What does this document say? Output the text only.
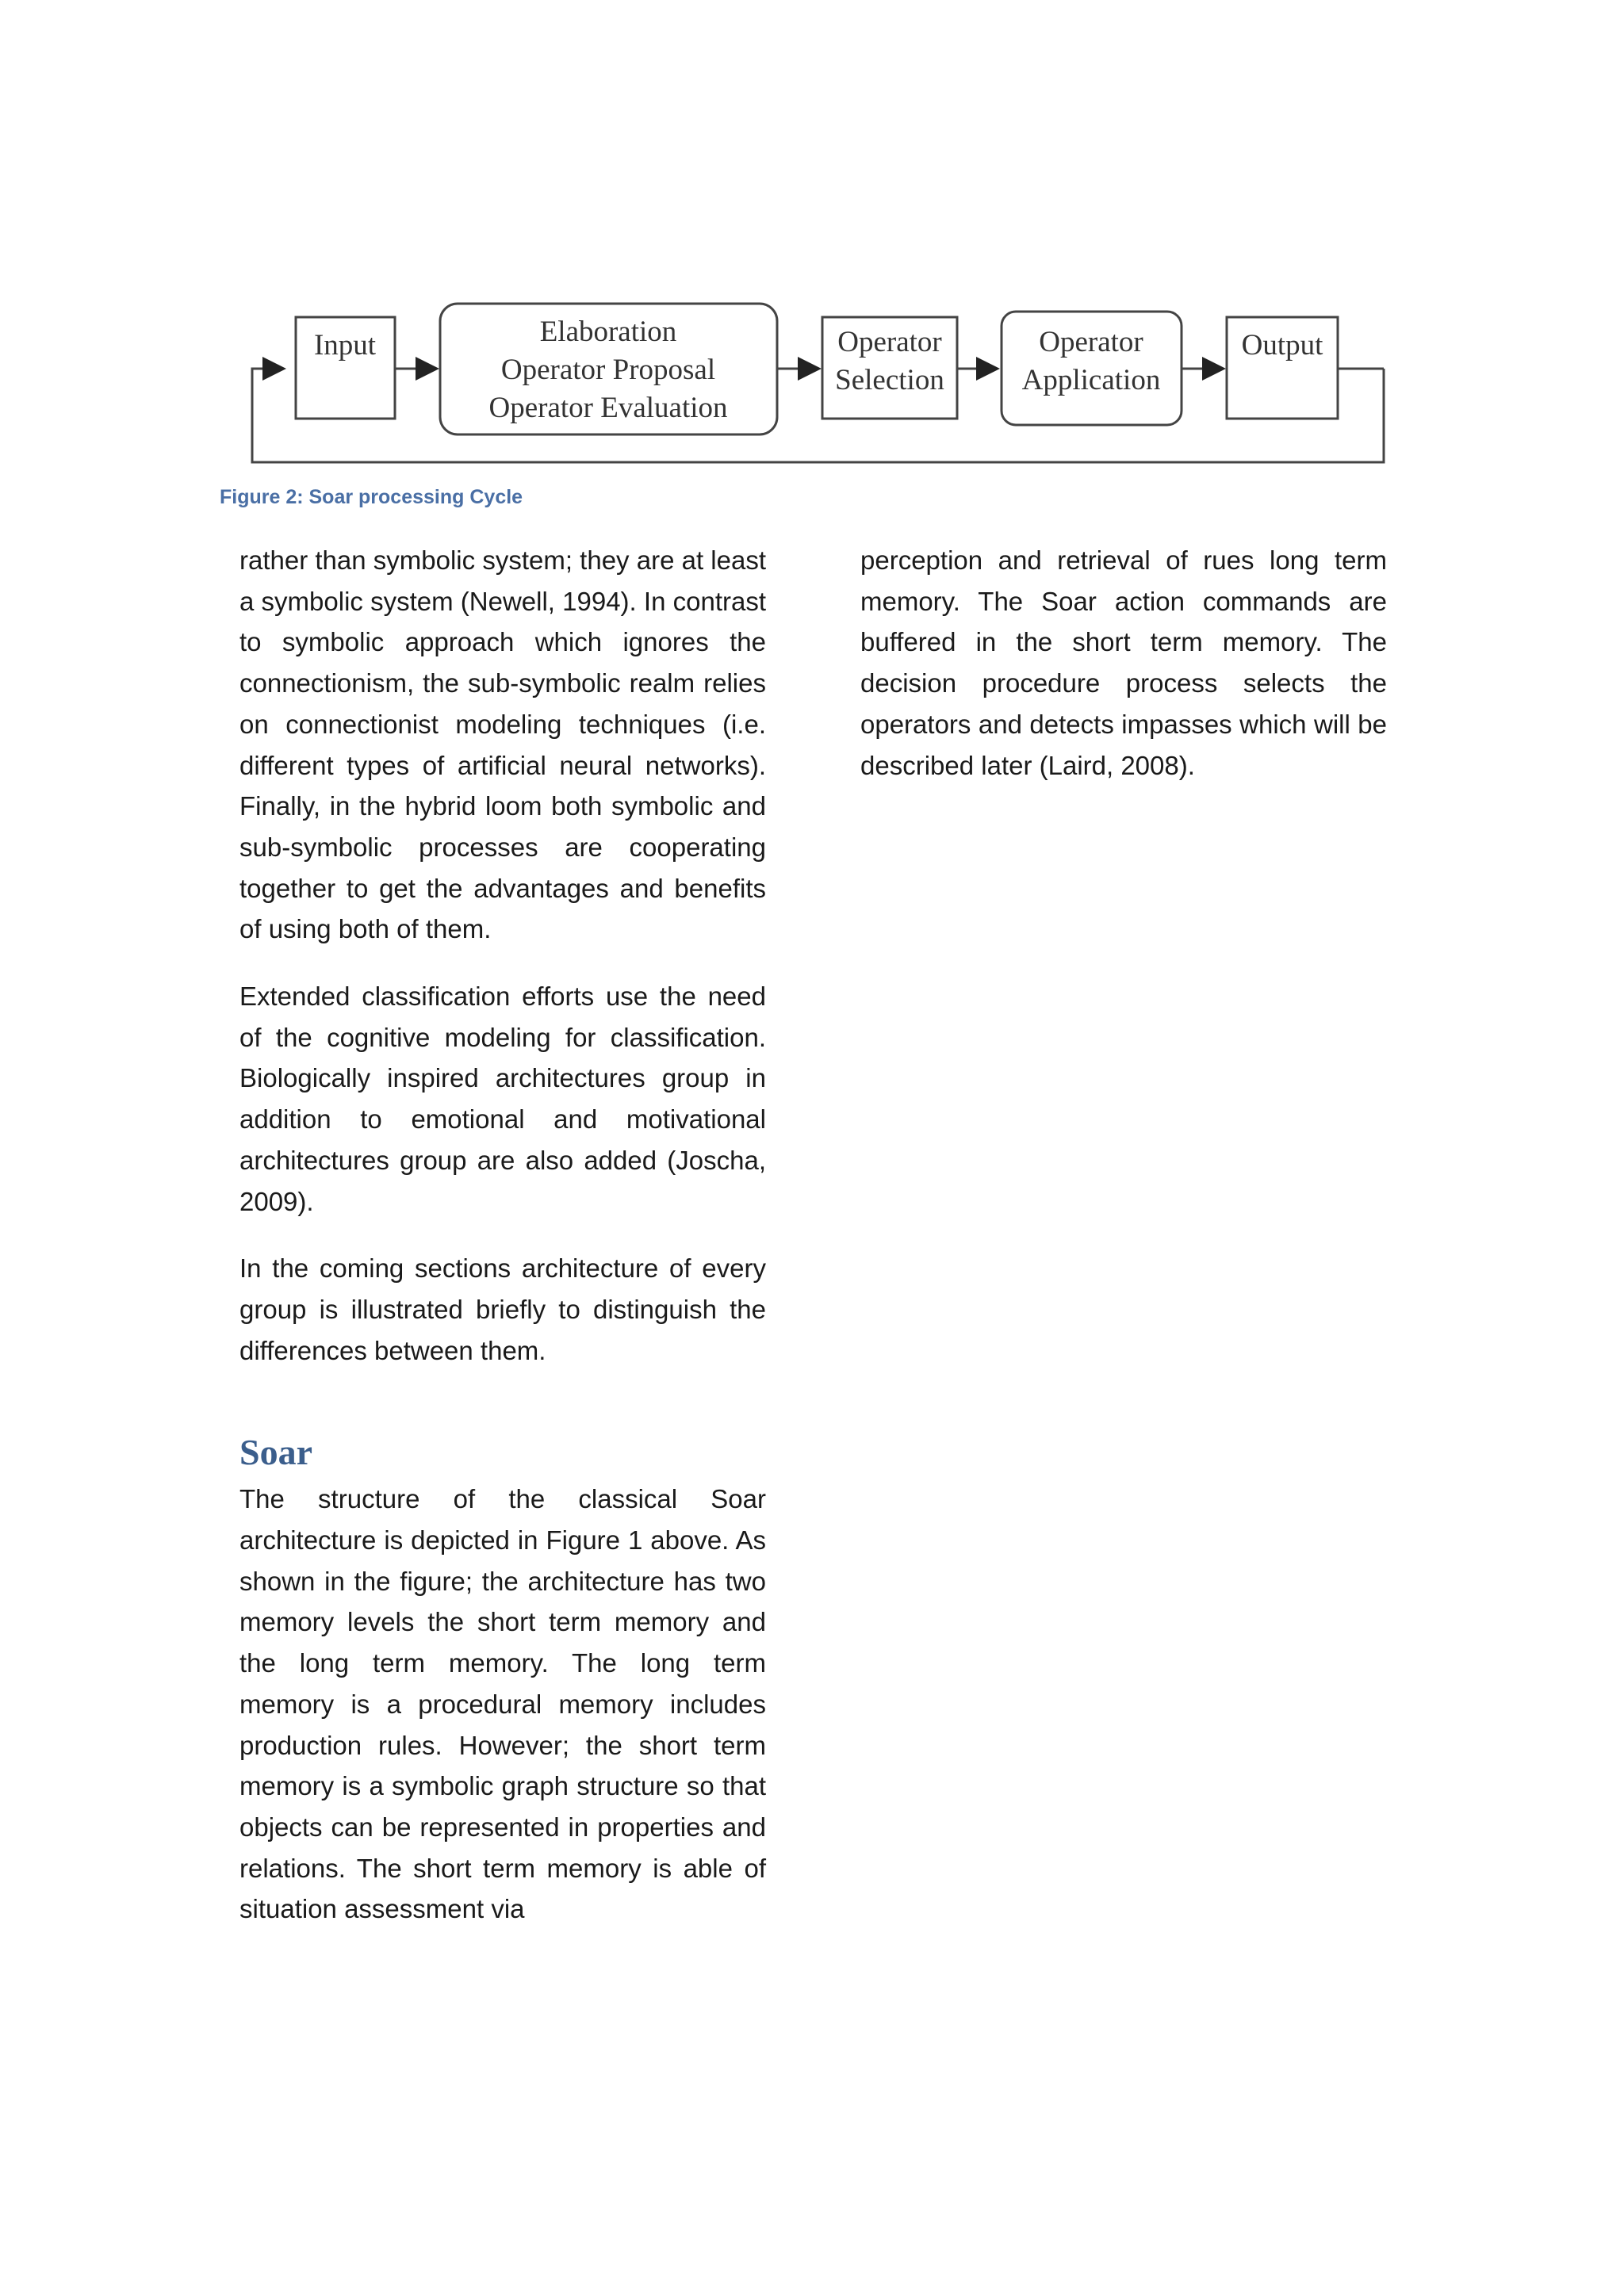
Input	Elaboration
Operator Proposal
Operator Evaluation
Operator
Selection
Operator
Application
Output
Figure 2: Soar processing Cycle

rather than symbolic system; they are at least a symbolic system (Newell, 1994). In contrast to symbolic approach which ignores the connectionism, the sub-symbolic realm relies on connectionist modeling techniques (i.e. different types of artificial neural networks). Finally, in the hybrid loom both symbolic and sub-symbolic processes are cooperating together to get the advantages and benefits of using both of them.

Extended classification efforts use the need of the cognitive modeling for classification. Biologically inspired architectures group in addition to emotional and motivational architectures group are also added (Joscha, 2009).

In the coming sections architecture of every group is illustrated briefly to distinguish the differences between them.

Soar

The structure of the classical Soar architecture is depicted in Figure 1 above. As shown in the figure; the architecture has two memory levels the short term memory and the long term memory. The long term memory is a procedural memory includes production rules. However; the short term memory is a symbolic graph structure so that objects can be represented in properties and relations. The short term memory is able of situation assessment via

perception and retrieval of rues long term memory. The Soar action commands are buffered in the short term memory. The decision procedure process selects the operators and detects impasses which will be described later (Laird, 2008).
